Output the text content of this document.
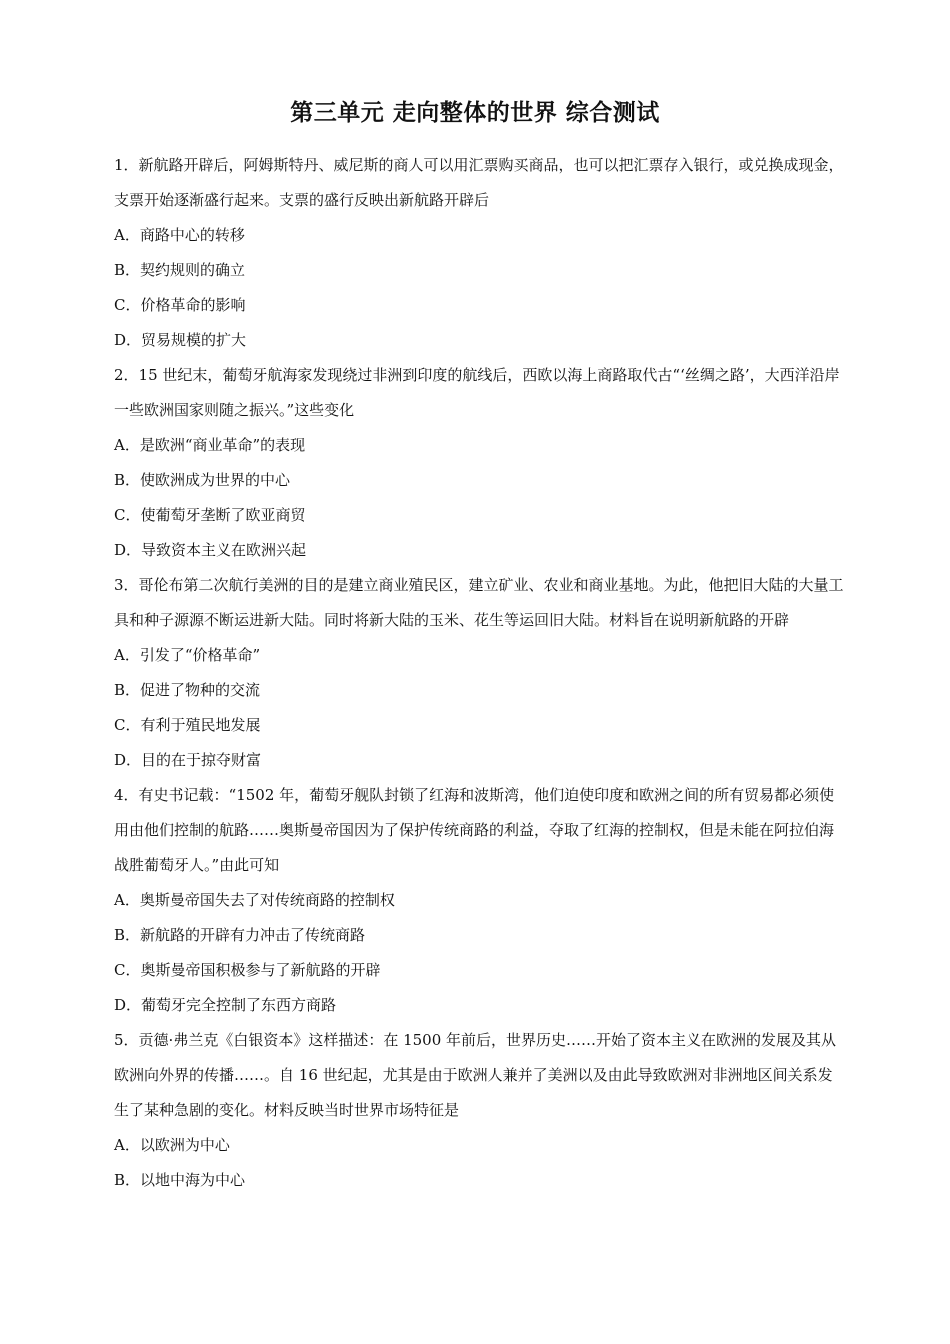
第三单元 走向整体的世界 综合测试

1．新航路开辟后，阿姆斯特丹、威尼斯的商人可以用汇票购买商品，也可以把汇票存入银行，或兑换成现金，支票开始逐渐盛行起来。支票的盛行反映出新航路开辟后

A．商路中心的转移

B．契约规则的确立

C．价格革命的影响

D．贸易规模的扩大

2．15 世纪末，葡萄牙航海家发现绕过非洲到印度的航线后，西欧以海上商路取代古“‘丝绸之路’，大西洋沿岸一些欧洲国家则随之振兴。”这些变化

A．是欧洲“商业革命”的表现

B．使欧洲成为世界的中心

C．使葡萄牙垄断了欧亚商贸

D．导致资本主义在欧洲兴起

3．哥伦布第二次航行美洲的目的是建立商业殖民区，建立矿业、农业和商业基地。为此，他把旧大陆的大量工具和种子源源不断运进新大陆。同时将新大陆的玉米、花生等运回旧大陆。材料旨在说明新航路的开辟

A．引发了“价格革命”

B．促进了物种的交流

C．有利于殖民地发展

D．目的在于掠夺财富

4．有史书记载：“1502 年，葡萄牙舰队封锁了红海和波斯湾，他们迫使印度和欧洲之间的所有贸易都必须使用由他们控制的航路……奥斯曼帝国因为了保护传统商路的利益，夺取了红海的控制权，但是未能在阿拉伯海战胜葡萄牙人。”由此可知

A．奥斯曼帝国失去了对传统商路的控制权

B．新航路的开辟有力冲击了传统商路

C．奥斯曼帝国积极参与了新航路的开辟

D．葡萄牙完全控制了东西方商路

5．贡德·弗兰克《白银资本》这样描述：在 1500 年前后，世界历史……开始了资本主义在欧洲的发展及其从欧洲向外界的传播……。自 16 世纪起，尤其是由于欧洲人兼并了美洲以及由此导致欧洲对非洲地区间关系发生了某种急剧的变化。材料反映当时世界市场特征是

A．以欧洲为中心

B．以地中海为中心
